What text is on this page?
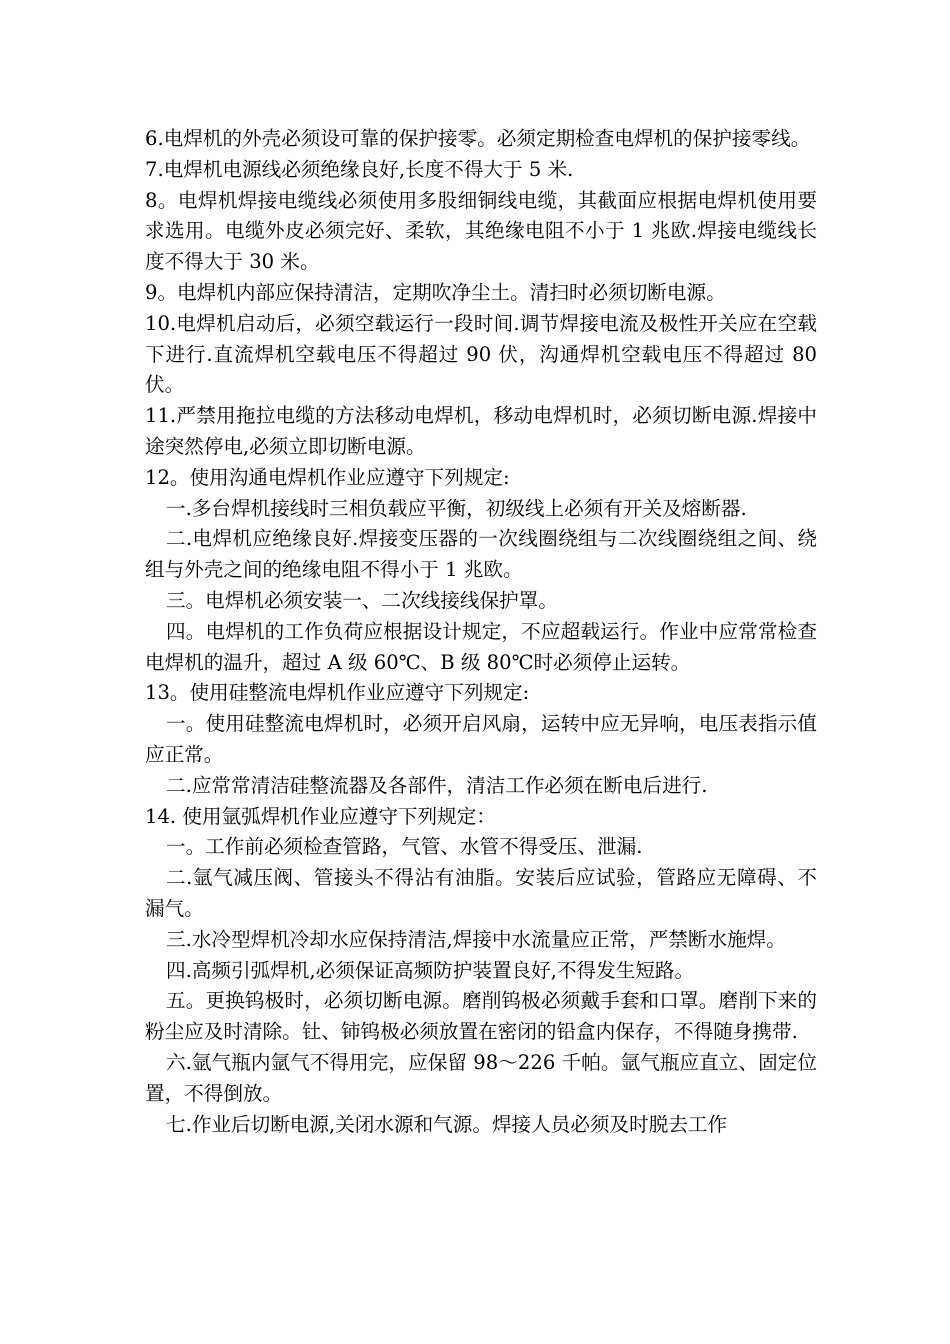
6.电焊机的外壳必须设可靠的保护接零。必须定期检查电焊机的保护接零线。

7.电焊机电源线必须绝缘良好,长度不得大于 5 米.

8。电焊机焊接电缆线必须使用多股细铜线电缆，其截面应根据电焊机使用要求选用。电缆外皮必须完好、柔软，其绝缘电阻不小于 1 兆欧.焊接电缆线长度不得大于 30 米。

9。电焊机内部应保持清洁，定期吹净尘土。清扫时必须切断电源。

10.电焊机启动后，必须空载运行一段时间.调节焊接电流及极性开关应在空载下进行.直流焊机空载电压不得超过 90 伏，沟通焊机空载电压不得超过 80 伏。

11.严禁用拖拉电缆的方法移动电焊机，移动电焊机时，必须切断电源.焊接中途突然停电,必须立即切断电源。

12。使用沟通电焊机作业应遵守下列规定:

一.多台焊机接线时三相负载应平衡，初级线上必须有开关及熔断器.

二.电焊机应绝缘良好.焊接变压器的一次线圈绕组与二次线圈绕组之间、绕组与外壳之间的绝缘电阻不得小于 1 兆欧。

三。电焊机必须安装一、二次线接线保护罩。

四。电焊机的工作负荷应根据设计规定，不应超载运行。作业中应常常检查电焊机的温升，超过 A 级 60℃、B 级 80℃时必须停止运转。

13。使用硅整流电焊机作业应遵守下列规定:

一。使用硅整流电焊机时，必须开启风扇，运转中应无异响，电压表指示值应正常。

二.应常常清洁硅整流器及各部件，清洁工作必须在断电后进行.

14. 使用氩弧焊机作业应遵守下列规定：

一。工作前必须检查管路，气管、水管不得受压、泄漏.

二.氩气减压阀、管接头不得沾有油脂。安装后应试验，管路应无障碍、不漏气。

三.水冷型焊机冷却水应保持清洁,焊接中水流量应正常，严禁断水施焊。

四.高频引弧焊机,必须保证高频防护装置良好,不得发生短路。

五。更换钨极时，必须切断电源。磨削钨极必须戴手套和口罩。磨削下来的粉尘应及时清除。钍、铈钨极必须放置在密闭的铅盒内保存，不得随身携带.

六.氩气瓶内氩气不得用完，应保留 98～226 千帕。氩气瓶应直立、固定位置，不得倒放。

七.作业后切断电源,关闭水源和气源。焊接人员必须及时脱去工作
